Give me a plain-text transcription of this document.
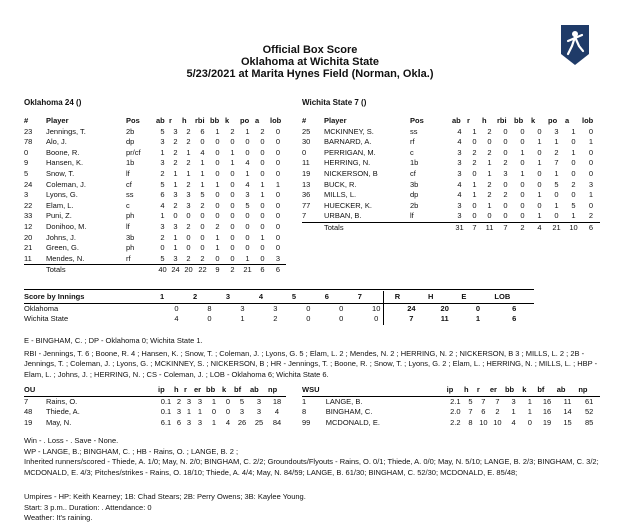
Official Box Score
Oklahoma at Wichita State
5/23/2021 at Marita Hynes Field (Norman, Okla.)
Oklahoma 24 ()	Wichita State 7 ()
#	Player	Pos	ab	r	h	rbi	bb	k	po	a	lob
23	Jennings, T.	2b	5	3	2	6	1	2	1	2	0
78	Alo, J.	dp	3	2	2	0	0	0	0	0	0
0	Boone, R.	pr/cf	1	2	1	4	0	1	0	0	0
9	Hansen, K.	1b	3	2	2	1	0	1	4	0	0
5	Snow, T.	lf	2	1	1	1	0	0	1	0	0
24	Coleman, J.	cf	5	1	2	1	1	0	4	1	1
3	Lyons, G.	ss	6	3	3	5	0	0	3	1	0
22	Elam, L.	c	4	2	3	2	0	0	5	0	0
33	Puni, Z.	ph	1	0	0	0	0	0	0	0	0
12	Donihoo, M.	lf	3	3	2	0	2	0	0	0	0
20	Johns, J.	3b	2	1	0	0	1	0	0	1	0
21	Green, G.	ph	0	1	0	0	1	0	0	0	0
11	Mendes, N.	rf	5	3	2	2	0	0	1	0	3
	Totals		40	24	20	22	9	2	21	6	6
#	Player	Pos	ab	r	h	rbi	bb	k	po	a	lob
25	MCKINNEY, S.	ss	4	1	2	0	0	0	3	1	0
30	BARNARD, A.	rf	4	0	0	0	0	1	1	0	1
0	PERRIGAN, M.	c	3	2	2	0	1	0	2	1	0
11	HERRING, N.	1b	3	2	1	2	0	1	7	0	0
19	NICKERSON, B	cf	3	0	1	3	1	0	1	0	0
13	BUCK, R.	3b	4	1	2	0	0	0	5	2	3
36	MILLS, L.	dp	4	1	2	2	0	1	0	0	1
77	HUECKER, K.	2b	3	0	1	0	0	0	1	5	0
7	URBAN, B.	lf	3	0	0	0	0	1	0	1	2
	Totals		31	7	11	7	2	4	21	10	6
Score by Innings	1	2	3	4	5	6	7	R	H	E	LOB
Oklahoma	0	8	3	3	0	0	10	24	20	0	6
Wichita State	4	0	1	2	0	0	0	7	11	1	6
E - BINGHAM, C. ; DP - Oklahoma 0; Wichita State 1.
RBI - Jennings, T. 6 ; Boone, R. 4 ; Hansen, K. ; Snow, T. ; Coleman, J. ; Lyons, G. 5 ; Elam, L. 2 ; Mendes, N. 2 ; HERRING, N. 2 ; NICKERSON, B 3 ; MILLS, L. 2 ; 2B - Jennings, T. ; Coleman, J. ; Lyons, G. ; MCKINNEY, S. ; NICKERSON, B ; HR - Jennings, T. ; Boone, R. ; Snow, T. ; Lyons, G. 2 ; Elam, L. ; HERRING, N. ; MILLS, L. ; HBP - Elam, L. ; Johns, J. ; HERRING, N. ; CS - Coleman, J. ; LOB - Oklahoma 6; Wichita State 6.
OU		ip	h	r	er	bb	k	bf	ab	np
7	Rains, O.	0.1	2	3	3	1	0	5	3	18
48	Thiede, A.	0.1	3	1	1	0	0	3	3	4
19	May, N.	6.1	6	3	3	1	4	26	25	84
WSU		ip	h	r	er	bb	k	bf	ab	np
1	LANGE, B.	2.1	5	7	7	3	1	16	11	61
8	BINGHAM, C.	2.0	7	6	2	1	1	16	14	52
99	MCDONALD, E.	2.2	8	10	10	4	0	19	15	85
Win - . Loss - . Save - None.
WP - LANGE, B.; BINGHAM, C. ; HB - Rains, O. ; LANGE, B. 2 ;
Inherited runners/scored - Thiede, A. 1/0; May, N. 2/0; BINGHAM, C. 2/2; Groundouts/Flyouts - Rains, O. 0/1; Thiede, A. 0/0; May, N. 5/10; LANGE, B. 2/3; BINGHAM, C. 3/2; MCDONALD, E. 4/3; Pitches/strikes - Rains, O. 18/10; Thiede, A. 4/4; May, N. 84/59; LANGE, B. 61/30; BINGHAM, C. 52/30; MCDONALD, E. 85/48;
Umpires - HP: Keith Kearney; 1B: Chad Stears; 2B: Perry Owens; 3B: Kaylee Young.
Start: 3 p.m.. Duration: . Attendance: 0
Weather: It's raining.
